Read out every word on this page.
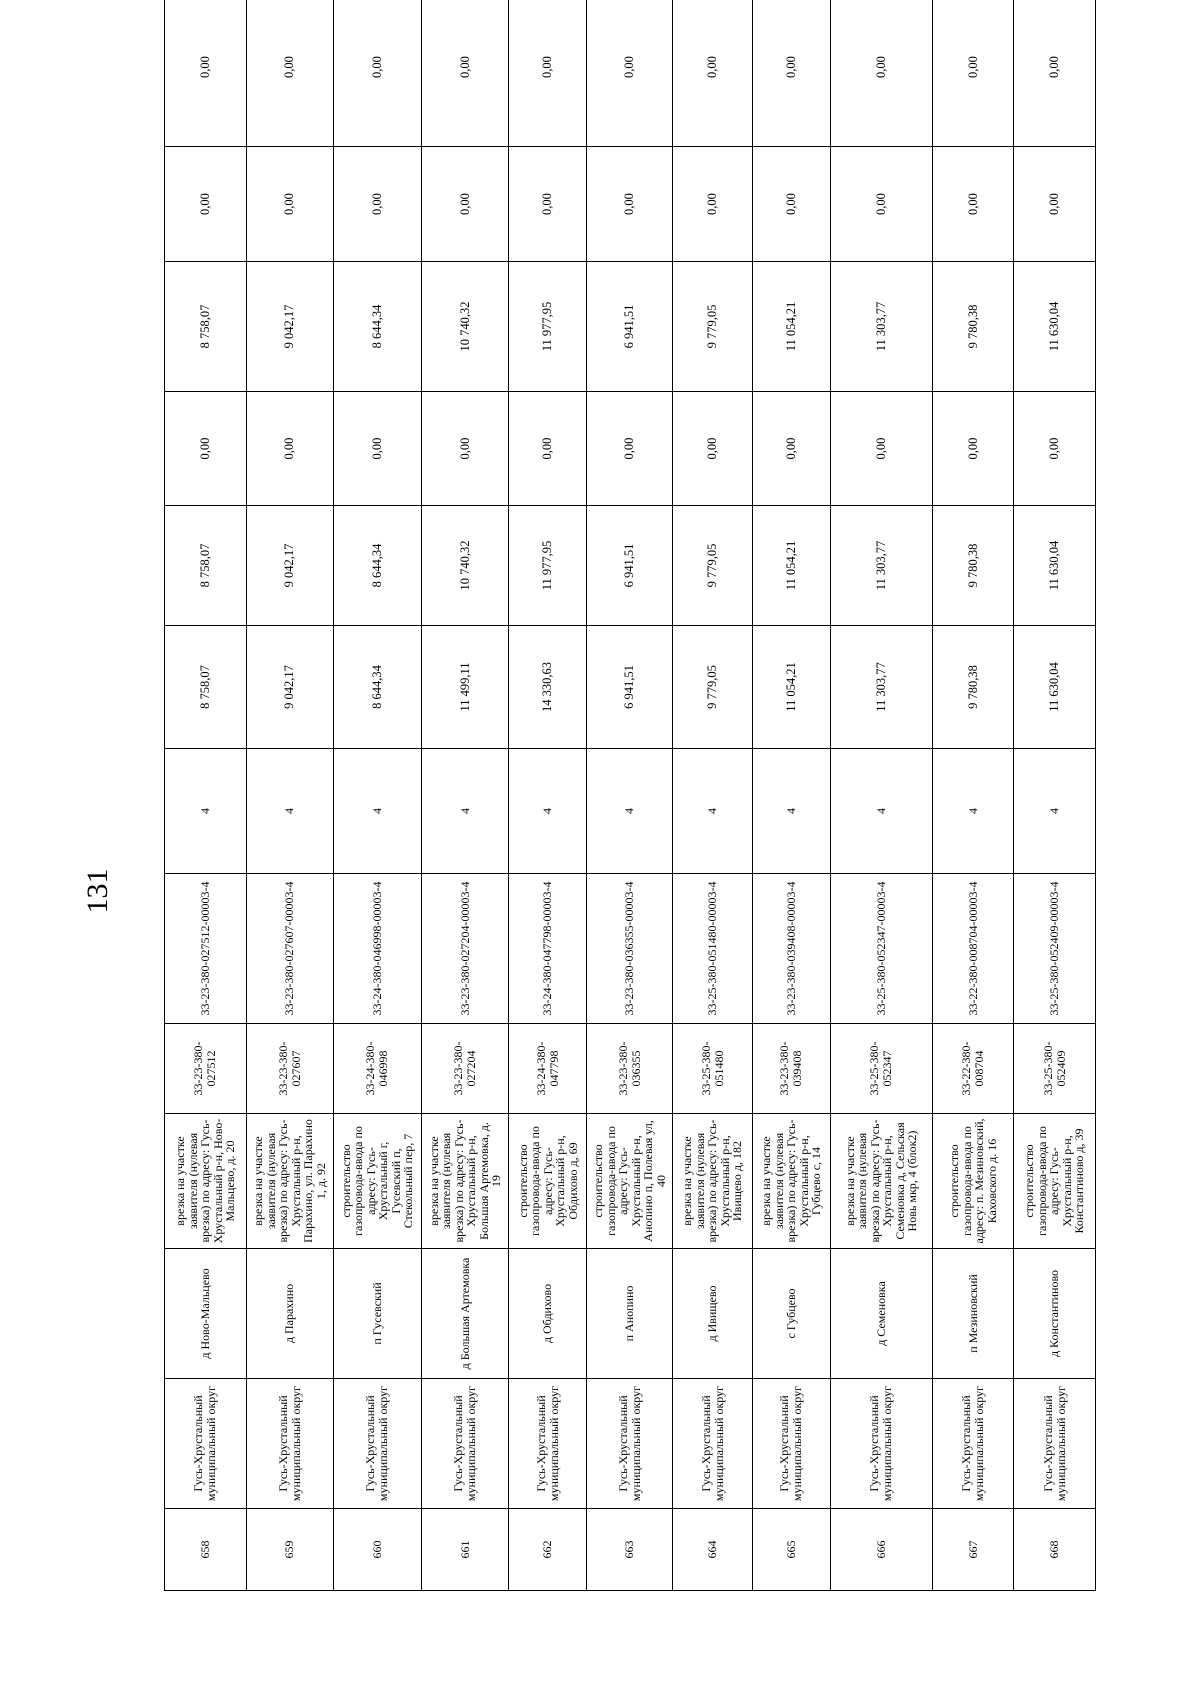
131
658	Гусь-Хрустальный муниципальный округ	д Ново-Мальцево	врезка на участке заявителя (нулевая врезка) по адресу: Гусь-Хрустальный р-н, Ново-Мальцево, д. 20	33-23-380-027512	33-23-380-027512-00003-4	4	8 758,07	8 758,07	0,00	8 758,07	0,00	0,00
659	Гусь-Хрустальный муниципальный округ	д Парахино	врезка на участке заявителя (нулевая врезка) по адресу: Гусь-Хрустальный р-н, Парахино, ул. Парахино 1, д. 92	33-23-380-027607	33-23-380-027607-00003-4	4	9 042,17	9 042,17	0,00	9 042,17	0,00	0,00
660	Гусь-Хрустальный муниципальный округ	п Гусевский	строительство газопровода-ввода по адресу: Гусь-Хрустальный г, Гусевский п, Стекольный пер, 7	33-24-380-046998	33-24-380-046998-00003-4	4	8 644,34	8 644,34	0,00	8 644,34	0,00	0,00
661	Гусь-Хрустальный муниципальный округ	д Большая Артемовка	врезка на участке заявителя (нулевая врезка) по адресу: Гусь-Хрустальный р-н, Большая Артемовка, д. 19	33-23-380-027204	33-23-380-027204-00003-4	4	11 499,11	10 740,32	0,00	10 740,32	0,00	0,00
662	Гусь-Хрустальный муниципальный округ	д Обдихово	строительство газопровода-ввода по адресу: Гусь-Хрустальный р-н, Обдихово д, 69	33-24-380-047798	33-24-380-047798-00003-4	4	14 330,63	11 977,95	0,00	11 977,95	0,00	0,00
663	Гусь-Хрустальный муниципальный округ	п Анопино	строительство газопровода-ввода по адресу: Гусь-Хрустальный р-н, Анопино п, Полевая ул, 40	33-23-380-036355	33-23-380-036355-00003-4	4	6 941,51	6 941,51	0,00	6 941,51	0,00	0,00
664	Гусь-Хрустальный муниципальный округ	д Ивищево	врезка на участке заявителя (нулевая врезка) по адресу: Гусь-Хрустальный р-н, Ивищево д, 182	33-25-380-051480	33-25-380-051480-00003-4	4	9 779,05	9 779,05	0,00	9 779,05	0,00	0,00
665	Гусь-Хрустальный муниципальный округ	с Губцево	врезка на участке заявителя (нулевая врезка) по адресу: Гусь-Хрустальный р-н, Губцево с, 14	33-23-380-039408	33-23-380-039408-00003-4	4	11 054,21	11 054,21	0,00	11 054,21	0,00	0,00
666	Гусь-Хрустальный муниципальный округ	д Семеновка	врезка на участке заявителя (нулевая врезка) по адресу: Гусь-Хрустальный р-н, Семеновка д, Сельская Новь мкр, 4 (блок2)	33-25-380-052347	33-25-380-052347-00003-4	4	11 303,77	11 303,77	0,00	11 303,77	0,00	0,00
667	Гусь-Хрустальный муниципальный округ	п Мезиновский	строительство газопровода-ввода по адресу: п. Мезиновский, Каховского д. 16	33-22-380-008704	33-22-380-008704-00003-4	4	9 780,38	9 780,38	0,00	9 780,38	0,00	0,00
668	Гусь-Хрустальный муниципальный округ	д Константиново	строительство газопровода-ввода по адресу: Гусь-Хрустальный р-н, Константиново д, 39	33-25-380-052409	33-25-380-052409-00003-4	4	11 630,04	11 630,04	0,00	11 630,04	0,00	0,00
